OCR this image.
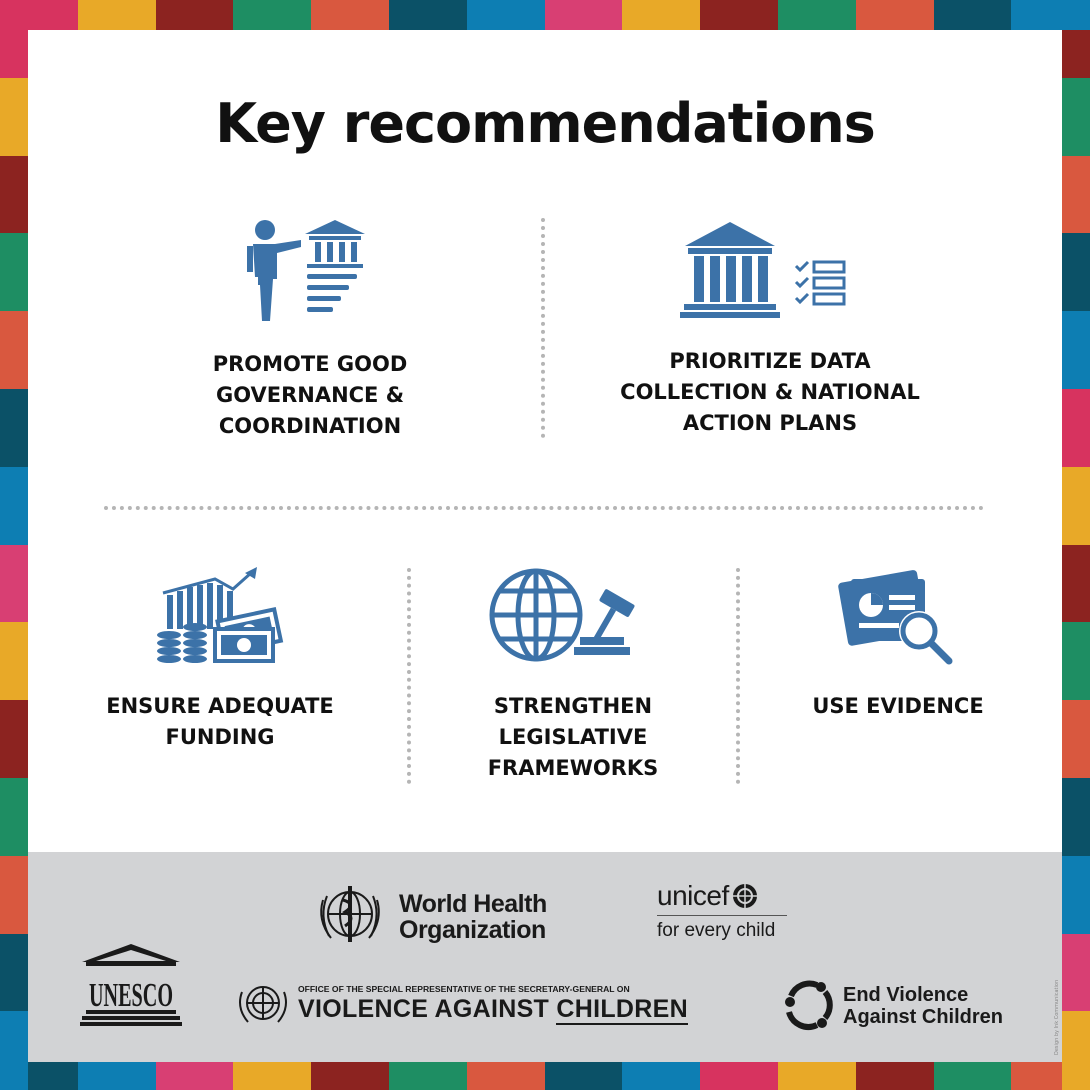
Key recommendations
PROMOTE GOOD
GOVERNANCE &
COORDINATION
PRIORITIZE DATA
COLLECTION & NATIONAL
ACTION PLANS
ENSURE ADEQUATE
FUNDING
STRENGTHEN
LEGISLATIVE
FRAMEWORKS
USE EVIDENCE
World Health
Organization
unicef
for every child
UNESCO	OFFICE OF THE SPECIAL REPRESENTATIVE OF THE SECRETARY-GENERAL ON
VIOLENCE AGAINST CHILDREN	End Violence
Against Children	Design by Ink Communication
